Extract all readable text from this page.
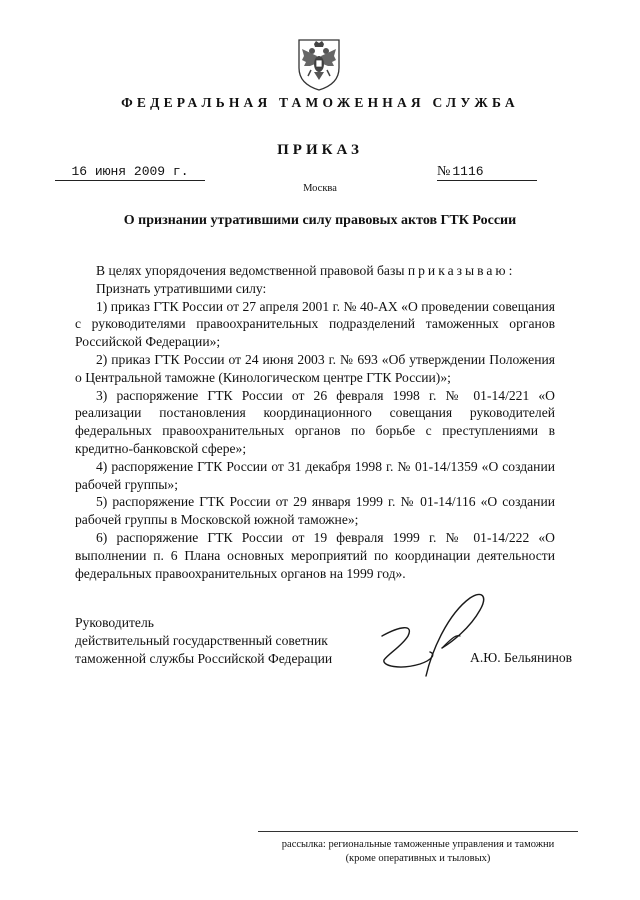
ФЕДЕРАЛЬНАЯ ТАМОЖЕННАЯ СЛУЖБА
ПРИКАЗ
16 июня 2009 г.	№ 1116
Москва
О признании утратившими силу правовых актов ГТК России

В целях упорядочения ведомственной правовой базы приказываю:

Признать утратившими силу:

1) приказ ГТК России от 27 апреля 2001 г. № 40-АХ «О проведении совещания с руководителями правоохранительных подразделений таможенных органов Российской Федерации»;

2) приказ ГТК России от 24 июня 2003 г. № 693 «Об утверждении Положения о Центральной таможне (Кинологическом центре ГТК России)»;

3) распоряжение ГТК России от 26 февраля 1998 г. № 01-14/221 «О реализации постановления координационного совещания руководителей федеральных правоохранительных органов по борьбе с преступлениями в кредитно-банковской сфере»;

4) распоряжение ГТК России от 31 декабря 1998 г. № 01-14/1359 «О создании рабочей группы»;

5) распоряжение ГТК России от 29 января 1999 г. № 01-14/116 «О создании рабочей группы в Московской южной таможне»;

6) распоряжение ГТК России от 19 февраля 1999 г. № 01-14/222 «О выполнении п. 6 Плана основных мероприятий по координации деятельности федеральных правоохранительных органов на 1999 год».

Руководитель
действительный государственный советник
таможенной службы Российской Федерации	А.Ю. Бельянинов
рассылка: региональные таможенные управления и таможни
(кроме оперативных и тыловых)
